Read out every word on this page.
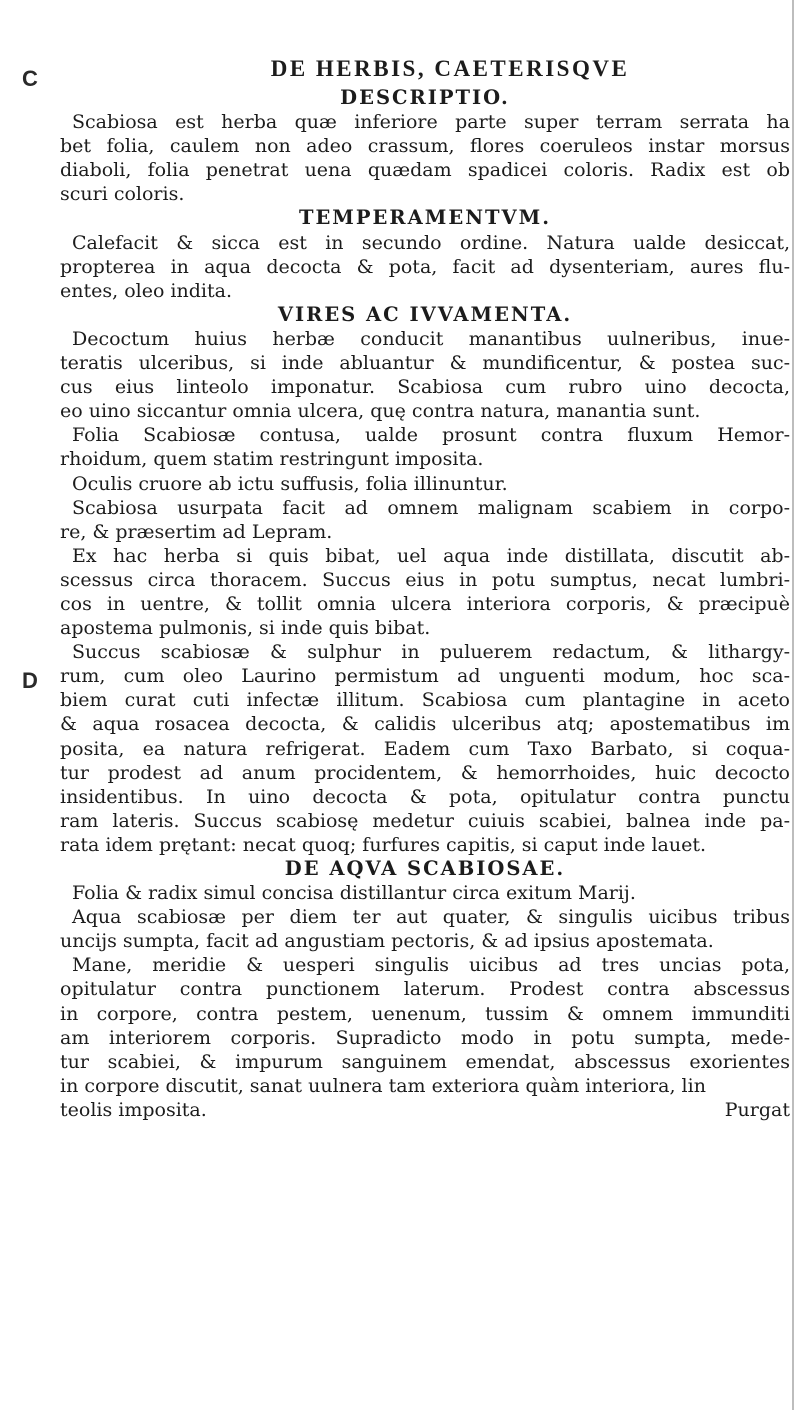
C
D
DE HERBIS, CAETERISQVE
DESCRIPTIO.
Scabiosa est herba quæ inferiore parte super terram serrata ha
bet folia, caulem non adeo crassum, flores coeruleos instar morsus
diaboli, folia penetrat uena quædam spadicei coloris. Radix est ob
scuri coloris.
TEMPERAMENTVM.
Calefacit & sicca est in secundo ordine. Natura ualde desiccat,
propterea in aqua decocta & pota, facit ad dysenteriam, aures flu-
entes, oleo indita.
VIRES AC IVVAMENTA.
Decoctum huius herbæ conducit manantibus uulneribus, inue-
teratis ulceribus, si inde abluantur & mundificentur, & postea suc-
cus eius linteolo imponatur. Scabiosa cum rubro uino decocta,
eo uino siccantur omnia ulcera, quę contra natura, manantia sunt.
Folia Scabiosæ contusa, ualde prosunt contra fluxum Hemor-
rhoidum, quem statim restringunt imposita.
Oculis cruore ab ictu suffusis, folia illinuntur.
Scabiosa usurpata facit ad omnem malignam scabiem in corpo-
re, & præsertim ad Lepram.
Ex hac herba si quis bibat, uel aqua inde distillata, discutit ab-
scessus circa thoracem. Succus eius in potu sumptus, necat lumbri-
cos in uentre, & tollit omnia ulcera interiora corporis, & præcipuè
apostema pulmonis, si inde quis bibat.
Succus scabiosæ & sulphur in puluerem redactum, & lithargy-
rum, cum oleo Laurino permistum ad unguenti modum, hoc sca-
biem curat cuti infectæ illitum. Scabiosa cum plantagine in aceto
& aqua rosacea decocta, & calidis ulceribus atq; apostematibus im
posita, ea natura refrigerat. Eadem cum Taxo Barbato, si coqua-
tur prodest ad anum procidentem, & hemorrhoides, huic decocto
insidentibus. In uino decocta & pota, opitulatur contra punctu
ram lateris. Succus scabiosę medetur cuiuis scabiei, balnea inde pa-
rata idem prętant: necat quoq; furfures capitis, si caput inde lauet.
DE AQVA SCABIOSAE.
Folia & radix simul concisa distillantur circa exitum Marij.
Aqua scabiosæ per diem ter aut quater, & singulis uicibus tribus
uncijs sumpta, facit ad angustiam pectoris, & ad ipsius apostemata.
Mane, meridie & uesperi singulis uicibus ad tres uncias pota,
opitulatur contra punctionem laterum. Prodest contra abscessus
in corpore, contra pestem, uenenum, tussim & omnem immunditi
am interiorem corporis. Supradicto modo in potu sumpta, mede-
tur scabiei, & impurum sanguinem emendat, abscessus exorientes
in corpore discutit, sanat uulnera tam exteriora quàm interiora, lin
teolis imposita.	Purgat
